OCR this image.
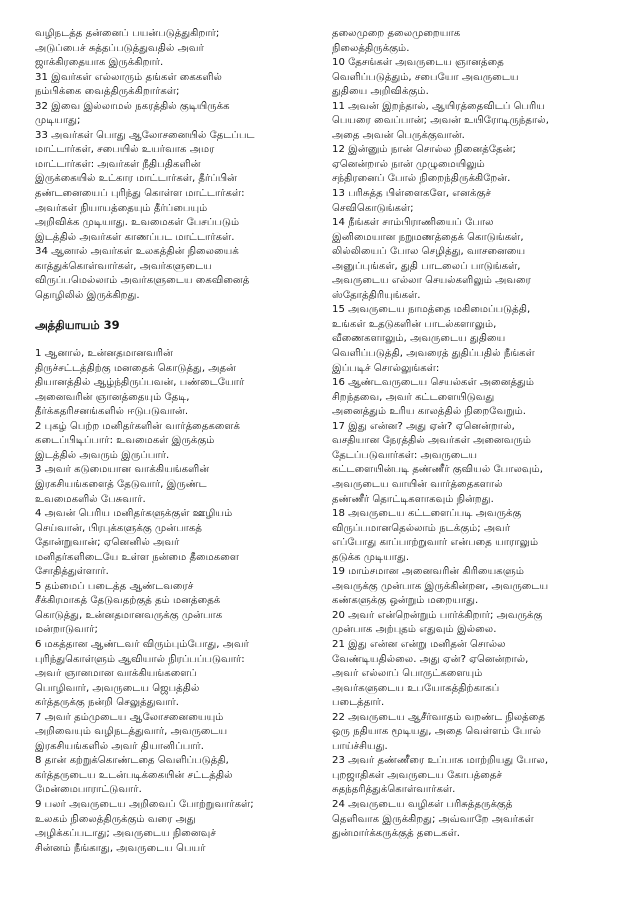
வழிநடத்த தன்னைப் பயன்படுத்துகிறார்;
அடுப்பைச் சுத்தப்படுத்துவதில் அவர்
ஜாக்கிரதையாக இருக்கிறார்.
31 இவர்கள் எல்லாரும் தங்கள் கைகளில்
நம்பிக்கை வைத்திருக்கிறார்கள்;
32 இவை இல்லாமல் நகரத்தில் குடியிருக்க
முடியாது;
33 அவர்கள் பொது ஆலோசனையில் தேடப்பட
மாட்டார்கள், சபையில் உயர்வாக அமர
மாட்டார்கள்: அவர்கள் நீதிபதிகளின்
இருக்கையில் உட்கார மாட்டார்கள், தீர்ப்பின்
தண்டனையைப் புரிந்து கொள்ள மாட்டார்கள்:
அவர்கள் நியாயத்தையும் தீர்ப்பையும்
அறிவிக்க முடியாது. உவமைகள் பேசப்படும்
இடத்தில் அவர்கள் காணப்பட மாட்டார்கள்.
34 ஆனால் அவர்கள் உலகத்தின் நிலையைக்
காத்துக்கொள்வார்கள், அவர்களுடைய
விருப்பமெல்லாம் அவர்களுடைய கைவினைத்
தொழிலில் இருக்கிறது.
அத்தியாயம் 39
1 ஆனால், உன்னதமானவரின்
திருச்சட்டத்திற்கு மனதைக் கொடுத்து, அதன்
தியானத்தில் ஆழ்ந்திருப்பவன், பண்டையோர்
அனைவரின் ஞானத்தையும் தேடி,
தீர்க்கதரிசனங்களில் ஈடுபடுவான்.
2 புகழ் பெற்ற மனிதர்களின் வார்த்தைகளைக்
கடைப்பிடிப்பார்: உவமைகள் இருக்கும்
இடத்தில் அவரும் இருப்பார்.
3 அவர் கடுமையான வாக்கியங்களின்
இரகசியங்களைத் தேடுவார், இருண்ட
உவமைகளில் பேசுவார்.
4 அவன் பெரிய மனிதர்களுக்குள் ஊழியம்
செய்வான், பிரபுக்களுக்கு முன்பாகத்
தோன்றுவான்; ஏனெனில் அவர்
மனிதர்களிடையே உள்ள நன்மை தீமைகளை
சோதித்துள்ளார்.
5 தம்மைப் படைத்த ஆண்டவரைச்
சீக்கிரமாகத் தேடுவதற்குத் தம் மனத்தைக்
கொடுத்து, உன்னதமானவருக்கு முன்பாக
மன்றாடுவார்;
6 மகத்தான ஆண்டவர் விரும்பும்போது, அவர்
புரிந்துகொள்ளும் ஆவியால் நிரப்பப்படுவார்:
அவர் ஞானமான வாக்கியங்களைப்
பொழிவார், அவருடைய ஜெபத்தில்
கர்த்தருக்கு நன்றி செலுத்துவார்.
7 அவர் தம்முடைய ஆலோசனையையும்
அறிவையும் வழிநடத்துவார், அவருடைய
இரகசியங்களில் அவர் தியானிப்பார்.
8 தான் கற்றுக்கொண்டதை வெளிப்படுத்தி,
கர்த்தருடைய உடன்படிக்கையின் சட்டத்தில்
மேன்மைபாராட்டுவார்.
9 பலர் அவருடைய அறிவைப் போற்றுவார்கள்;
உலகம் நிலைத்திருக்கும் வரை அது
அழிக்கப்படாது; அவருடைய நினைவுச்
சின்னம் நீங்காது, அவருடைய பெயர்
தலைமுறை தலைமுறையாக
நிலைத்திருக்கும்.
10 தேசங்கள் அவருடைய ஞானத்தை
வெளிப்படுத்தும், சபையோ அவருடைய
துதியை அறிவிக்கும்.
11 அவன் இறந்தால், ஆயிரத்தைவிடப் பெரிய
பெயரை வைப்பான்; அவன் உயிரோடிருந்தால்,
அதை அவன் பெருக்குவான்.
12 இன்னும் நான் சொல்ல நினைத்தேன்;
ஏனென்றால் நான் முழுமையிலும்
சந்திரனைப் போல் நிறைந்திருக்கிறேன்.
13 பரிசுத்த பிள்ளைகளே, எனக்குச்
செவிகொடுங்கள்;
14 நீங்கள் சாம்பிராணியைப் போல
இனிமையான நறுமணத்தைக் கொடுங்கள்,
லில்லியைப் போல செழித்து, வாசனையை
அனுப்புங்கள், துதி பாடலைப் பாடுங்கள்,
அவருடைய எல்லா செயல்களிலும் அவரை
ஸ்தோத்திரியுங்கள்.
15 அவருடைய நாமத்தை மகிமைப்படுத்தி,
உங்கள் உதடுகளின் பாடல்களாலும்,
வீணைகளாலும், அவருடைய துதியை
வெளிப்படுத்தி, அவரைத் துதிப்பதில் நீங்கள்
இப்படிச் சொல்லுங்கள்:
16 ஆண்டவருடைய செயல்கள் அனைத்தும்
சிறந்தவை, அவர் கட்டளையிடுவது
அனைத்தும் உரிய காலத்தில் நிறைவேறும்.
17 இது என்ன? அது ஏன்? ஏனென்றால்,
வசதியான நேரத்தில் அவர்கள் அனைவரும்
தேடப்படுவார்கள்: அவருடைய
கட்டளையின்படி தண்ணீர் குவியல் போலவும்,
அவருடைய வாயின் வார்த்தைகளால்
தண்ணீர் தொட்டிகளாகவும் நின்றது.
18 அவருடைய கட்டளைப்படி அவருக்கு
விருப்பமானதெல்லாம் நடக்கும்; அவர்
எப்போது காப்பாற்றுவார் என்பதை யாராலும்
தடுக்க முடியாது.
19 மாம்சமான அனைவரின் கிரியைகளும்
அவருக்கு முன்பாக இருக்கின்றன, அவருடைய
கண்களுக்கு ஒன்றும் மறையாது.
20 அவர் என்றென்றும் பார்க்கிறார்; அவருக்கு
முன்பாக அற்புதம் எதுவும் இல்லை.
21 இது என்ன என்று மனிதன் சொல்ல
வேண்டியதில்லை. அது ஏன்? ஏனென்றால்,
அவர் எல்லாப் பொருட்களையும்
அவர்களுடைய உபயோகத்திற்காகப்
படைத்தார்.
22 அவருடைய ஆசீர்வாதம் வறண்ட நிலத்தை
ஒரு நதியாக மூடியது, அதை வெள்ளம் போல்
பாய்ச்சியது.
23 அவர் தண்ணீரை உப்பாக மாற்றியது போல,
புறஜாதிகள் அவருடைய கோபத்தைச்
சுதந்தரித்துக்கொள்வார்கள்.
24 அவருடைய வழிகள் பரிசுத்தருக்குத்
தெளிவாக இருக்கிறது; அவ்வாறே அவர்கள்
துன்மார்க்கருக்குத் தடைகள்.
